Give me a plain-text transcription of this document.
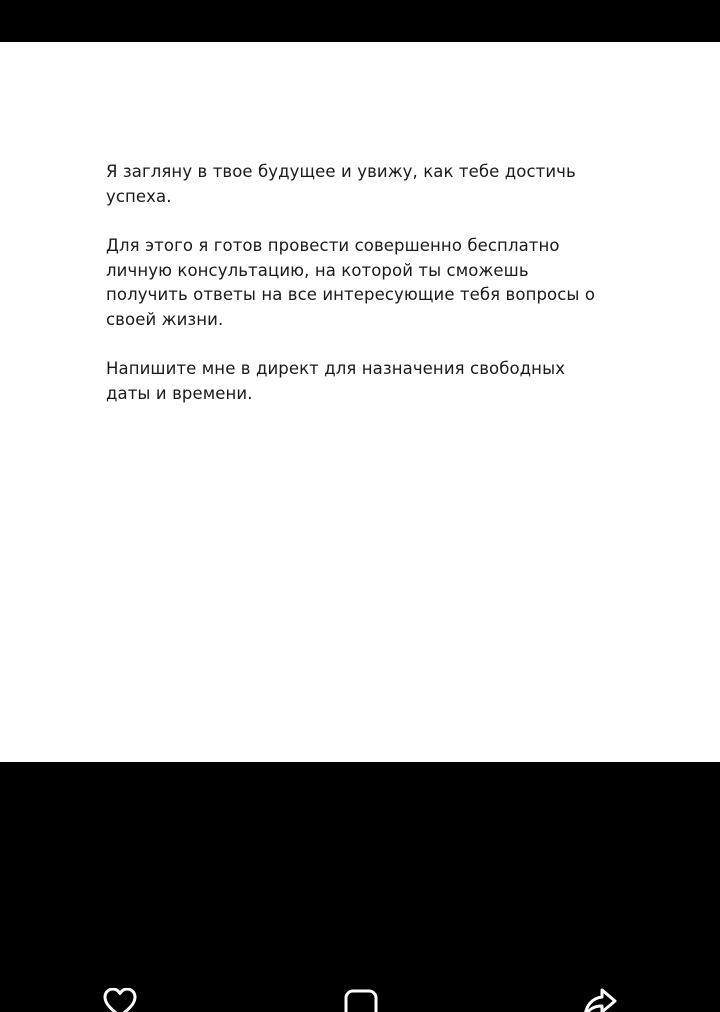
Я загляну в твое будущее и увижу, как тебе достичь
успеха.

Для этого я готов провести совершенно бесплатно
личную консультацию, на которой ты сможешь
получить ответы на все интересующие тебя вопросы о
своей жизни.

Напишите мне в директ для назначения свободных
даты и времени.
